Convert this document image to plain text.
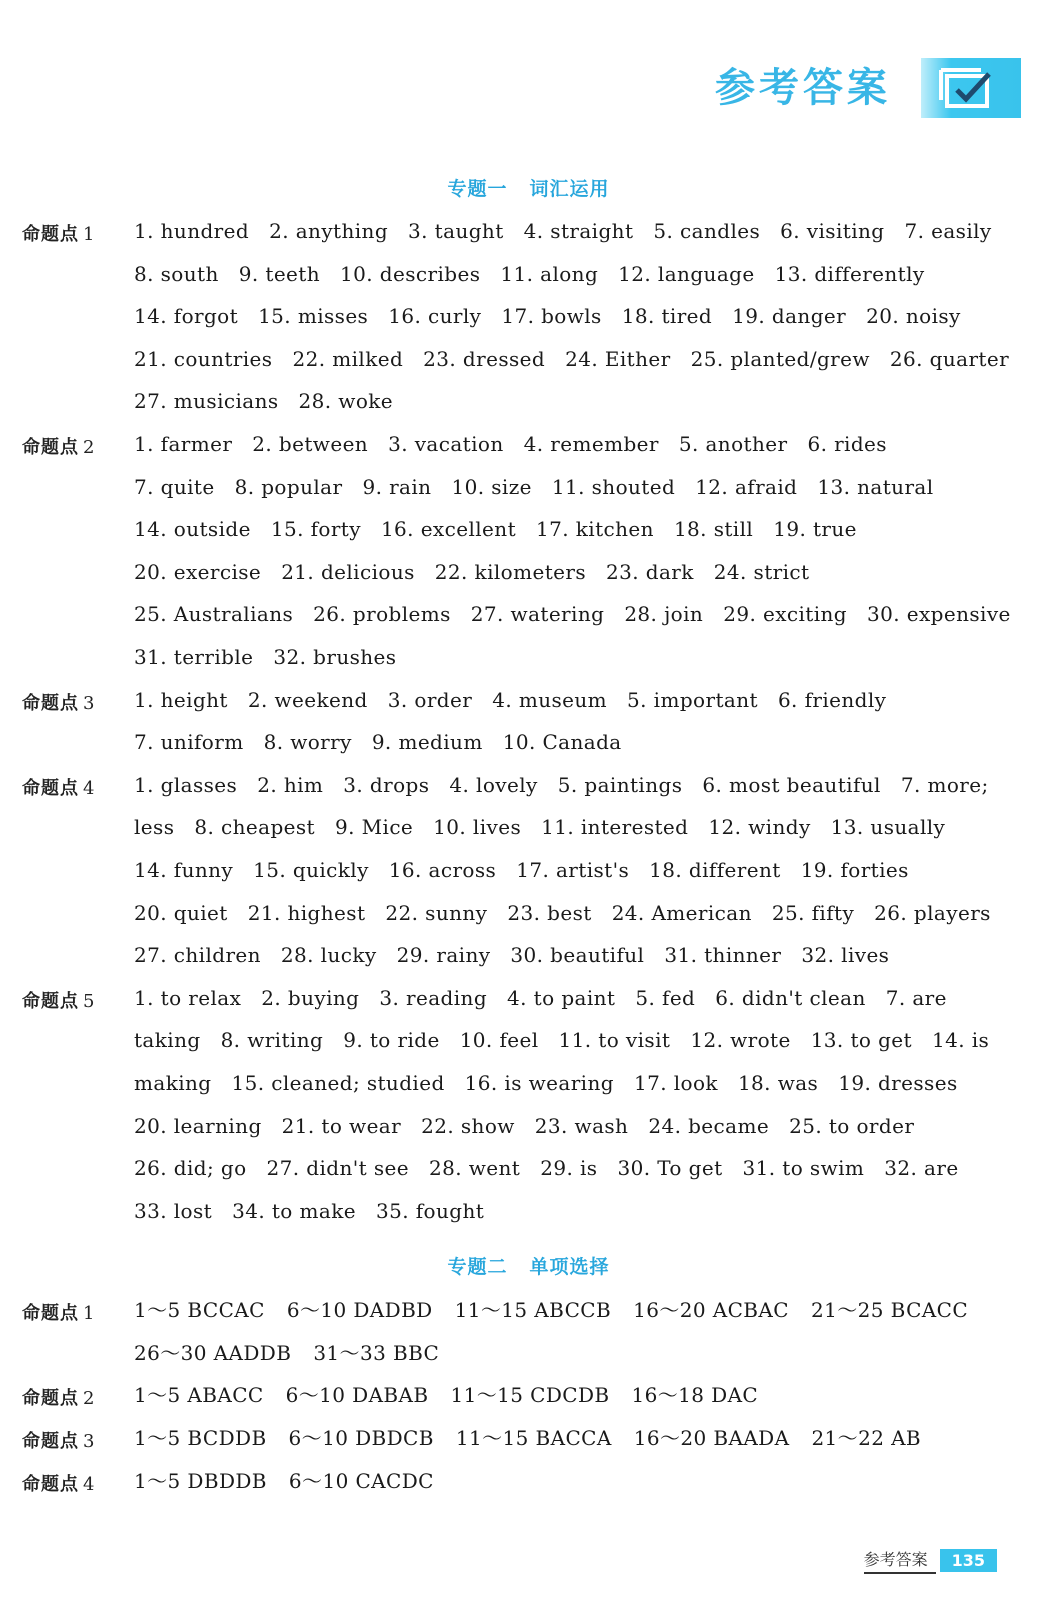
参考答案
专题一 词汇运用
命题点 1 1. hundred 2. anything 3. taught 4. straight 5. candles 6. visiting 7. easily
8. south 9. teeth 10. describes 11. along 12. language 13. differently
14. forgot 15. misses 16. curly 17. bowls 18. tired 19. danger 20. noisy
21. countries 22. milked 23. dressed 24. Either 25. planted/grew 26. quarter
27. musicians 28. woke
命题点 2 1. farmer 2. between 3. vacation 4. remember 5. another 6. rides
7. quite 8. popular 9. rain 10. size 11. shouted 12. afraid 13. natural
14. outside 15. forty 16. excellent 17. kitchen 18. still 19. true
20. exercise 21. delicious 22. kilometers 23. dark 24. strict
25. Australians 26. problems 27. watering 28. join 29. exciting 30. expensive
31. terrible 32. brushes
命题点 3 1. height 2. weekend 3. order 4. museum 5. important 6. friendly
7. uniform 8. worry 9. medium 10. Canada
命题点 4 1. glasses 2. him 3. drops 4. lovely 5. paintings 6. most beautiful 7. more;
less 8. cheapest 9. Mice 10. lives 11. interested 12. windy 13. usually
14. funny 15. quickly 16. across 17. artist's 18. different 19. forties
20. quiet 21. highest 22. sunny 23. best 24. American 25. fifty 26. players
27. children 28. lucky 29. rainy 30. beautiful 31. thinner 32. lives
命题点 5 1. to relax 2. buying 3. reading 4. to paint 5. fed 6. didn't clean 7. are
taking 8. writing 9. to ride 10. feel 11. to visit 12. wrote 13. to get 14. is
making 15. cleaned; studied 16. is wearing 17. look 18. was 19. dresses
20. learning 21. to wear 22. show 23. wash 24. became 25. to order
26. did; go 27. didn't see 28. went 29. is 30. To get 31. to swim 32. are
33. lost 34. to make 35. fought
专题二 单项选择
命题点 1 1～5 BCCAC 6～10 DADBD 11～15 ABCCB 16～20 ACBAC 21～25 BCACC
26～30 AADDB 31～33 BBC
命题点 2 1～5 ABACC 6～10 DABAB 11～15 CDCDB 16～18 DAC
命题点 3 1～5 BCDDB 6～10 DBDCB 11～15 BACCA 16～20 BAADA 21～22 AB
命题点 4 1～5 DBDDB 6～10 CACDC
参考答案	135
